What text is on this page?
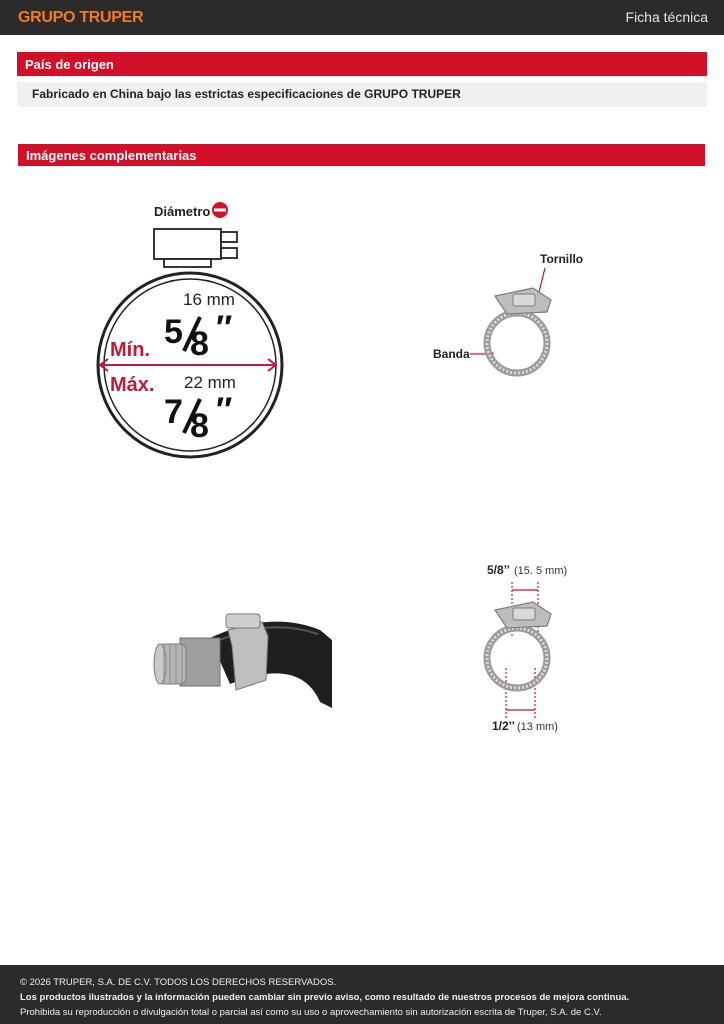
GRUPO TRUPER	Ficha técnica
País de origen
Fabricado en China bajo las estrictas especificaciones de GRUPO TRUPER
Imágenes complementarias
Diámetro
16 mm
Mín. 5 8 ″
Máx. 22 mm
7 8 ″
Tornillo
Banda
5/8’’ (15. 5 mm)
1/2’’ (13 mm)
© 2026 TRUPER, S.A. DE C.V. TODOS LOS DERECHOS RESERVADOS.
Los productos ilustrados y la información pueden cambiar sin previo aviso, como resultado de nuestros procesos de mejora continua.
Prohibida su reproducción o divulgación total o parcial así como su uso o aprovechamiento sin autorización escrita de Truper, S.A. de C.V.
